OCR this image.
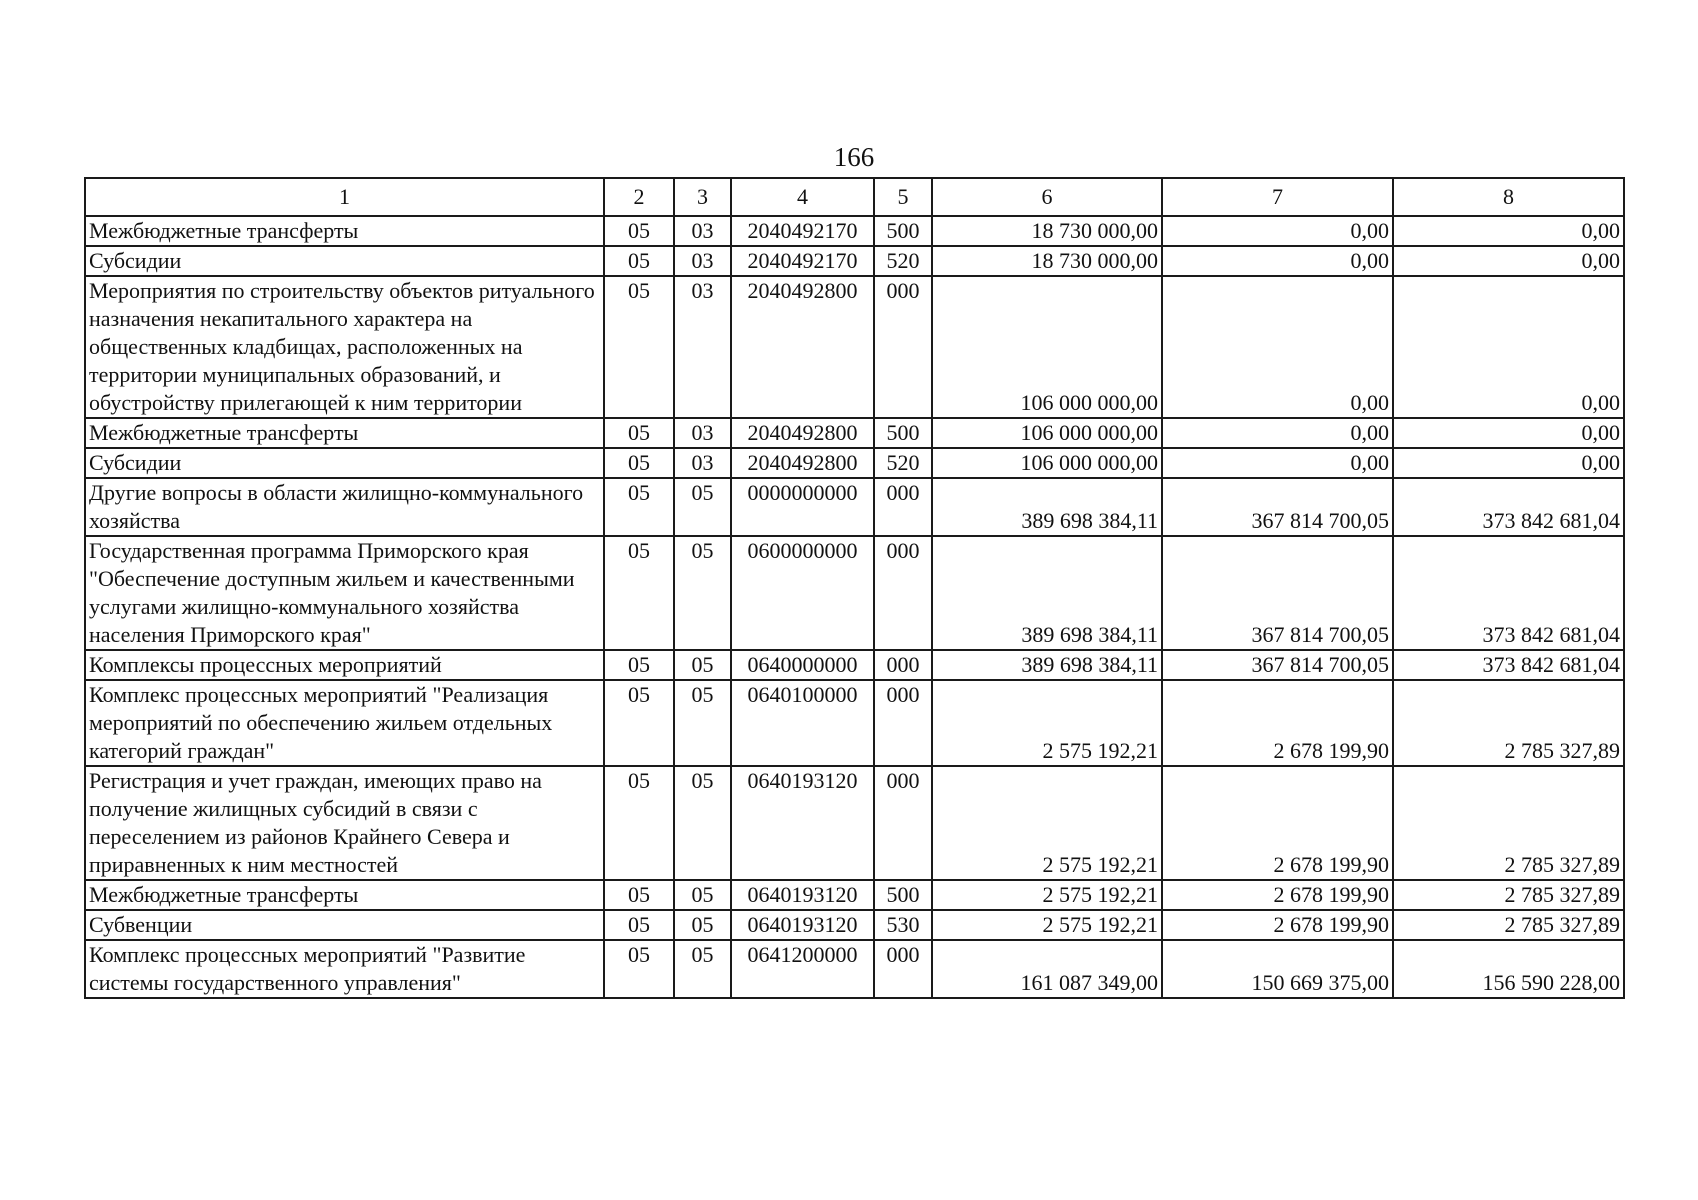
166
1	2	3	4	5	6	7	8
Межбюджетные трансферты	05	03	2040492170	500	18 730 000,00	0,00	0,00
Субсидии	05	03	2040492170	520	18 730 000,00	0,00	0,00
Мероприятия по строительству объектов ритуального назначения некапитального характера на общественных кладбищах, расположенных на территории муниципальных образований, и обустройству прилегающей к ним территории	05	03	2040492800	000	106 000 000,00	0,00	0,00
Межбюджетные трансферты	05	03	2040492800	500	106 000 000,00	0,00	0,00
Субсидии	05	03	2040492800	520	106 000 000,00	0,00	0,00
Другие вопросы в области жилищно-коммунального хозяйства	05	05	0000000000	000	389 698 384,11	367 814 700,05	373 842 681,04
Государственная программа Приморского края "Обеспечение доступным жильем и качественными услугами жилищно-коммунального хозяйства населения Приморского края"	05	05	0600000000	000	389 698 384,11	367 814 700,05	373 842 681,04
Комплексы процессных мероприятий	05	05	0640000000	000	389 698 384,11	367 814 700,05	373 842 681,04
Комплекс процессных мероприятий "Реализация мероприятий по обеспечению жильем отдельных категорий граждан"	05	05	0640100000	000	2 575 192,21	2 678 199,90	2 785 327,89
Регистрация и учет граждан, имеющих право на получение жилищных субсидий в связи с переселением из районов Крайнего Севера и приравненных к ним местностей	05	05	0640193120	000	2 575 192,21	2 678 199,90	2 785 327,89
Межбюджетные трансферты	05	05	0640193120	500	2 575 192,21	2 678 199,90	2 785 327,89
Субвенции	05	05	0640193120	530	2 575 192,21	2 678 199,90	2 785 327,89
Комплекс процессных мероприятий "Развитие системы государственного управления"	05	05	0641200000	000	161 087 349,00	150 669 375,00	156 590 228,00
